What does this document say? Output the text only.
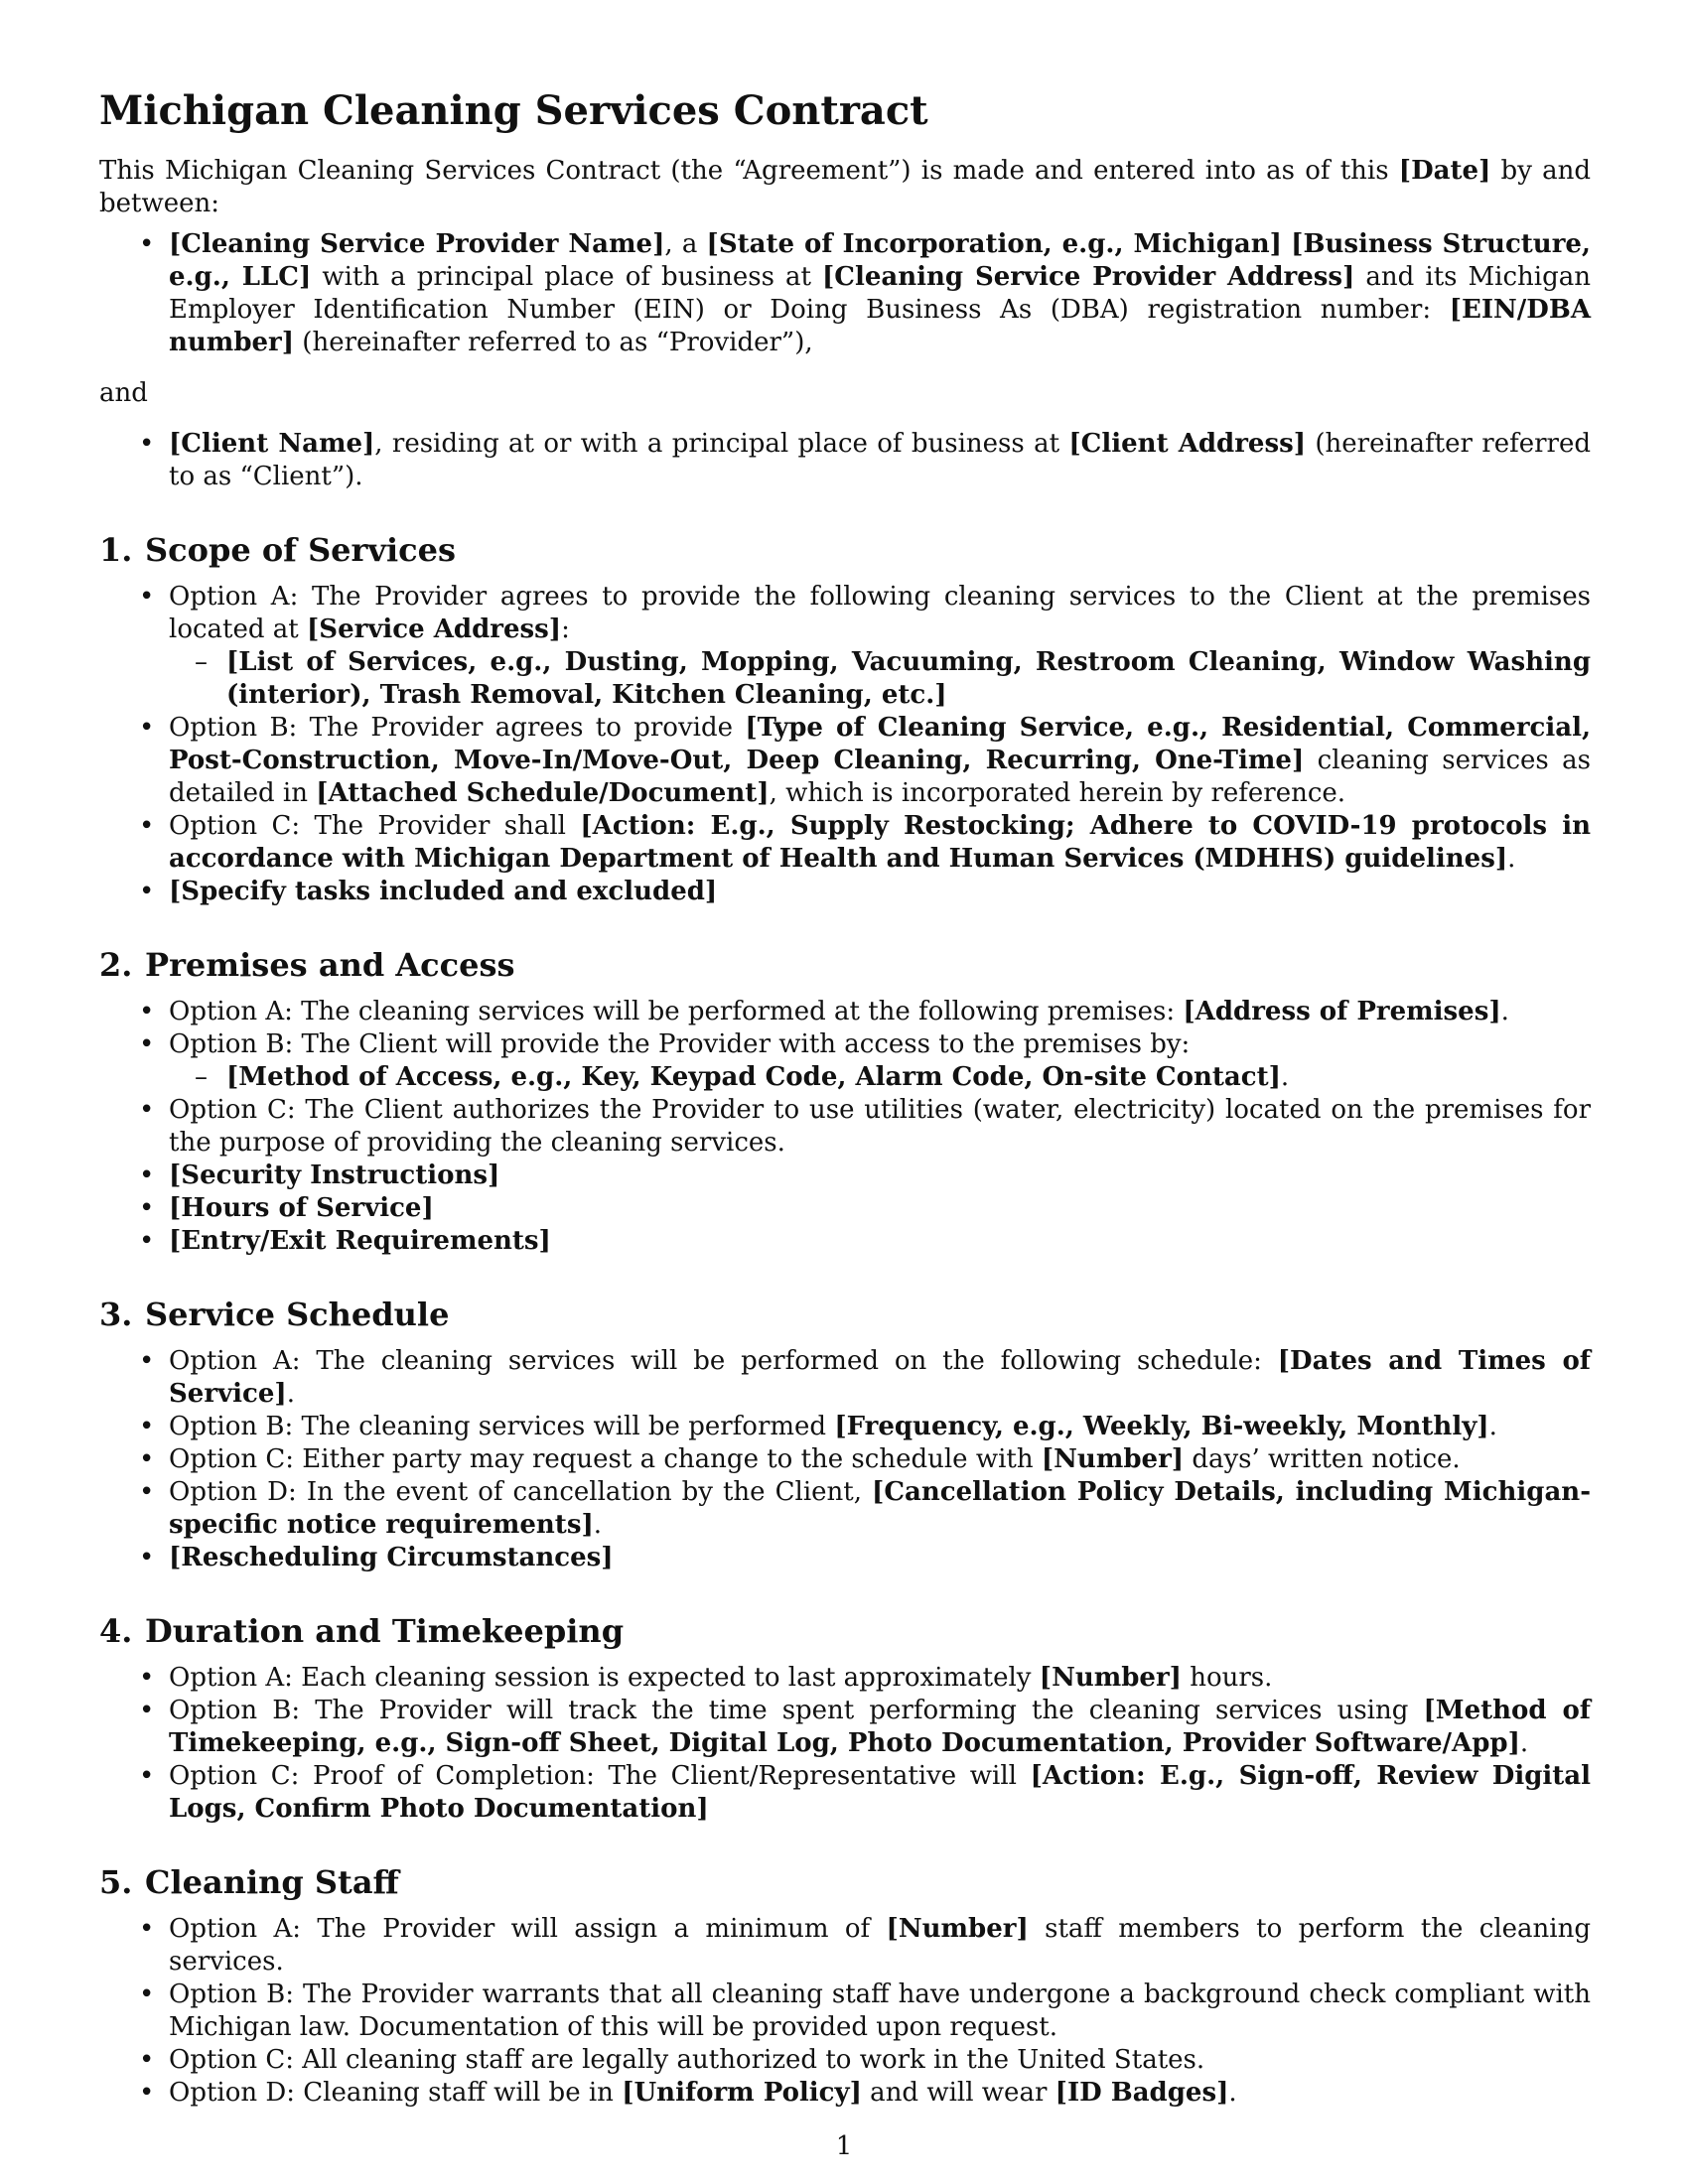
Michigan Cleaning Services Contract

This Michigan Cleaning Services Contract (the “Agreement”) is made and entered into as of this [Date] by and between:

• [Cleaning Service Provider Name], a [State of Incorporation, e.g., Michigan] [Business Structure, e.g., LLC] with a principal place of business at [Cleaning Service Provider Address] and its Michigan Employer Identification Number (EIN) or Doing Business As (DBA) registration number: [EIN/DBA number] (hereinafter referred to as “Provider”),

and

• [Client Name], residing at or with a principal place of business at [Client Address] (hereinafter referred to as “Client”).
1. Scope of Services
• Option A: The Provider agrees to provide the following cleaning services to the Client at the premises located at [Service Address]:
– [List of Services, e.g., Dusting, Mopping, Vacuuming, Restroom Cleaning, Window Washing (interior), Trash Removal, Kitchen Cleaning, etc.]
• Option B: The Provider agrees to provide [Type of Cleaning Service, e.g., Residential, Commercial, Post-Construction, Move-In/Move-Out, Deep Cleaning, Recurring, One-Time] cleaning services as detailed in [Attached Schedule/Document], which is incorporated herein by reference.
• Option C: The Provider shall [Action: E.g., Supply Restocking; Adhere to COVID-19 protocols in accordance with Michigan Department of Health and Human Services (MDHHS) guidelines].
• [Specify tasks included and excluded]
2. Premises and Access
• Option A: The cleaning services will be performed at the following premises: [Address of Premises].
• Option B: The Client will provide the Provider with access to the premises by:
– [Method of Access, e.g., Key, Keypad Code, Alarm Code, On-site Contact].
• Option C: The Client authorizes the Provider to use utilities (water, electricity) located on the premises for the purpose of providing the cleaning services.
• [Security Instructions]
• [Hours of Service]
• [Entry/Exit Requirements]
3. Service Schedule
• Option A: The cleaning services will be performed on the following schedule: [Dates and Times of Service].
• Option B: The cleaning services will be performed [Frequency, e.g., Weekly, Bi-weekly, Monthly].
• Option C: Either party may request a change to the schedule with [Number] days’ written notice.
• Option D: In the event of cancellation by the Client, [Cancellation Policy Details, including Michigan-specific notice requirements].
• [Rescheduling Circumstances]
4. Duration and Timekeeping
• Option A: Each cleaning session is expected to last approximately [Number] hours.
• Option B: The Provider will track the time spent performing the cleaning services using [Method of Timekeeping, e.g., Sign-off Sheet, Digital Log, Photo Documentation, Provider Software/App].
• Option C: Proof of Completion: The Client/Representative will [Action: E.g., Sign-off, Review Digital Logs, Confirm Photo Documentation]
5. Cleaning Staff
• Option A: The Provider will assign a minimum of [Number] staff members to perform the cleaning services.
• Option B: The Provider warrants that all cleaning staff have undergone a background check compliant with Michigan law. Documentation of this will be provided upon request.
• Option C: All cleaning staff are legally authorized to work in the United States.
• Option D: Cleaning staff will be in [Uniform Policy] and will wear [ID Badges].
1
